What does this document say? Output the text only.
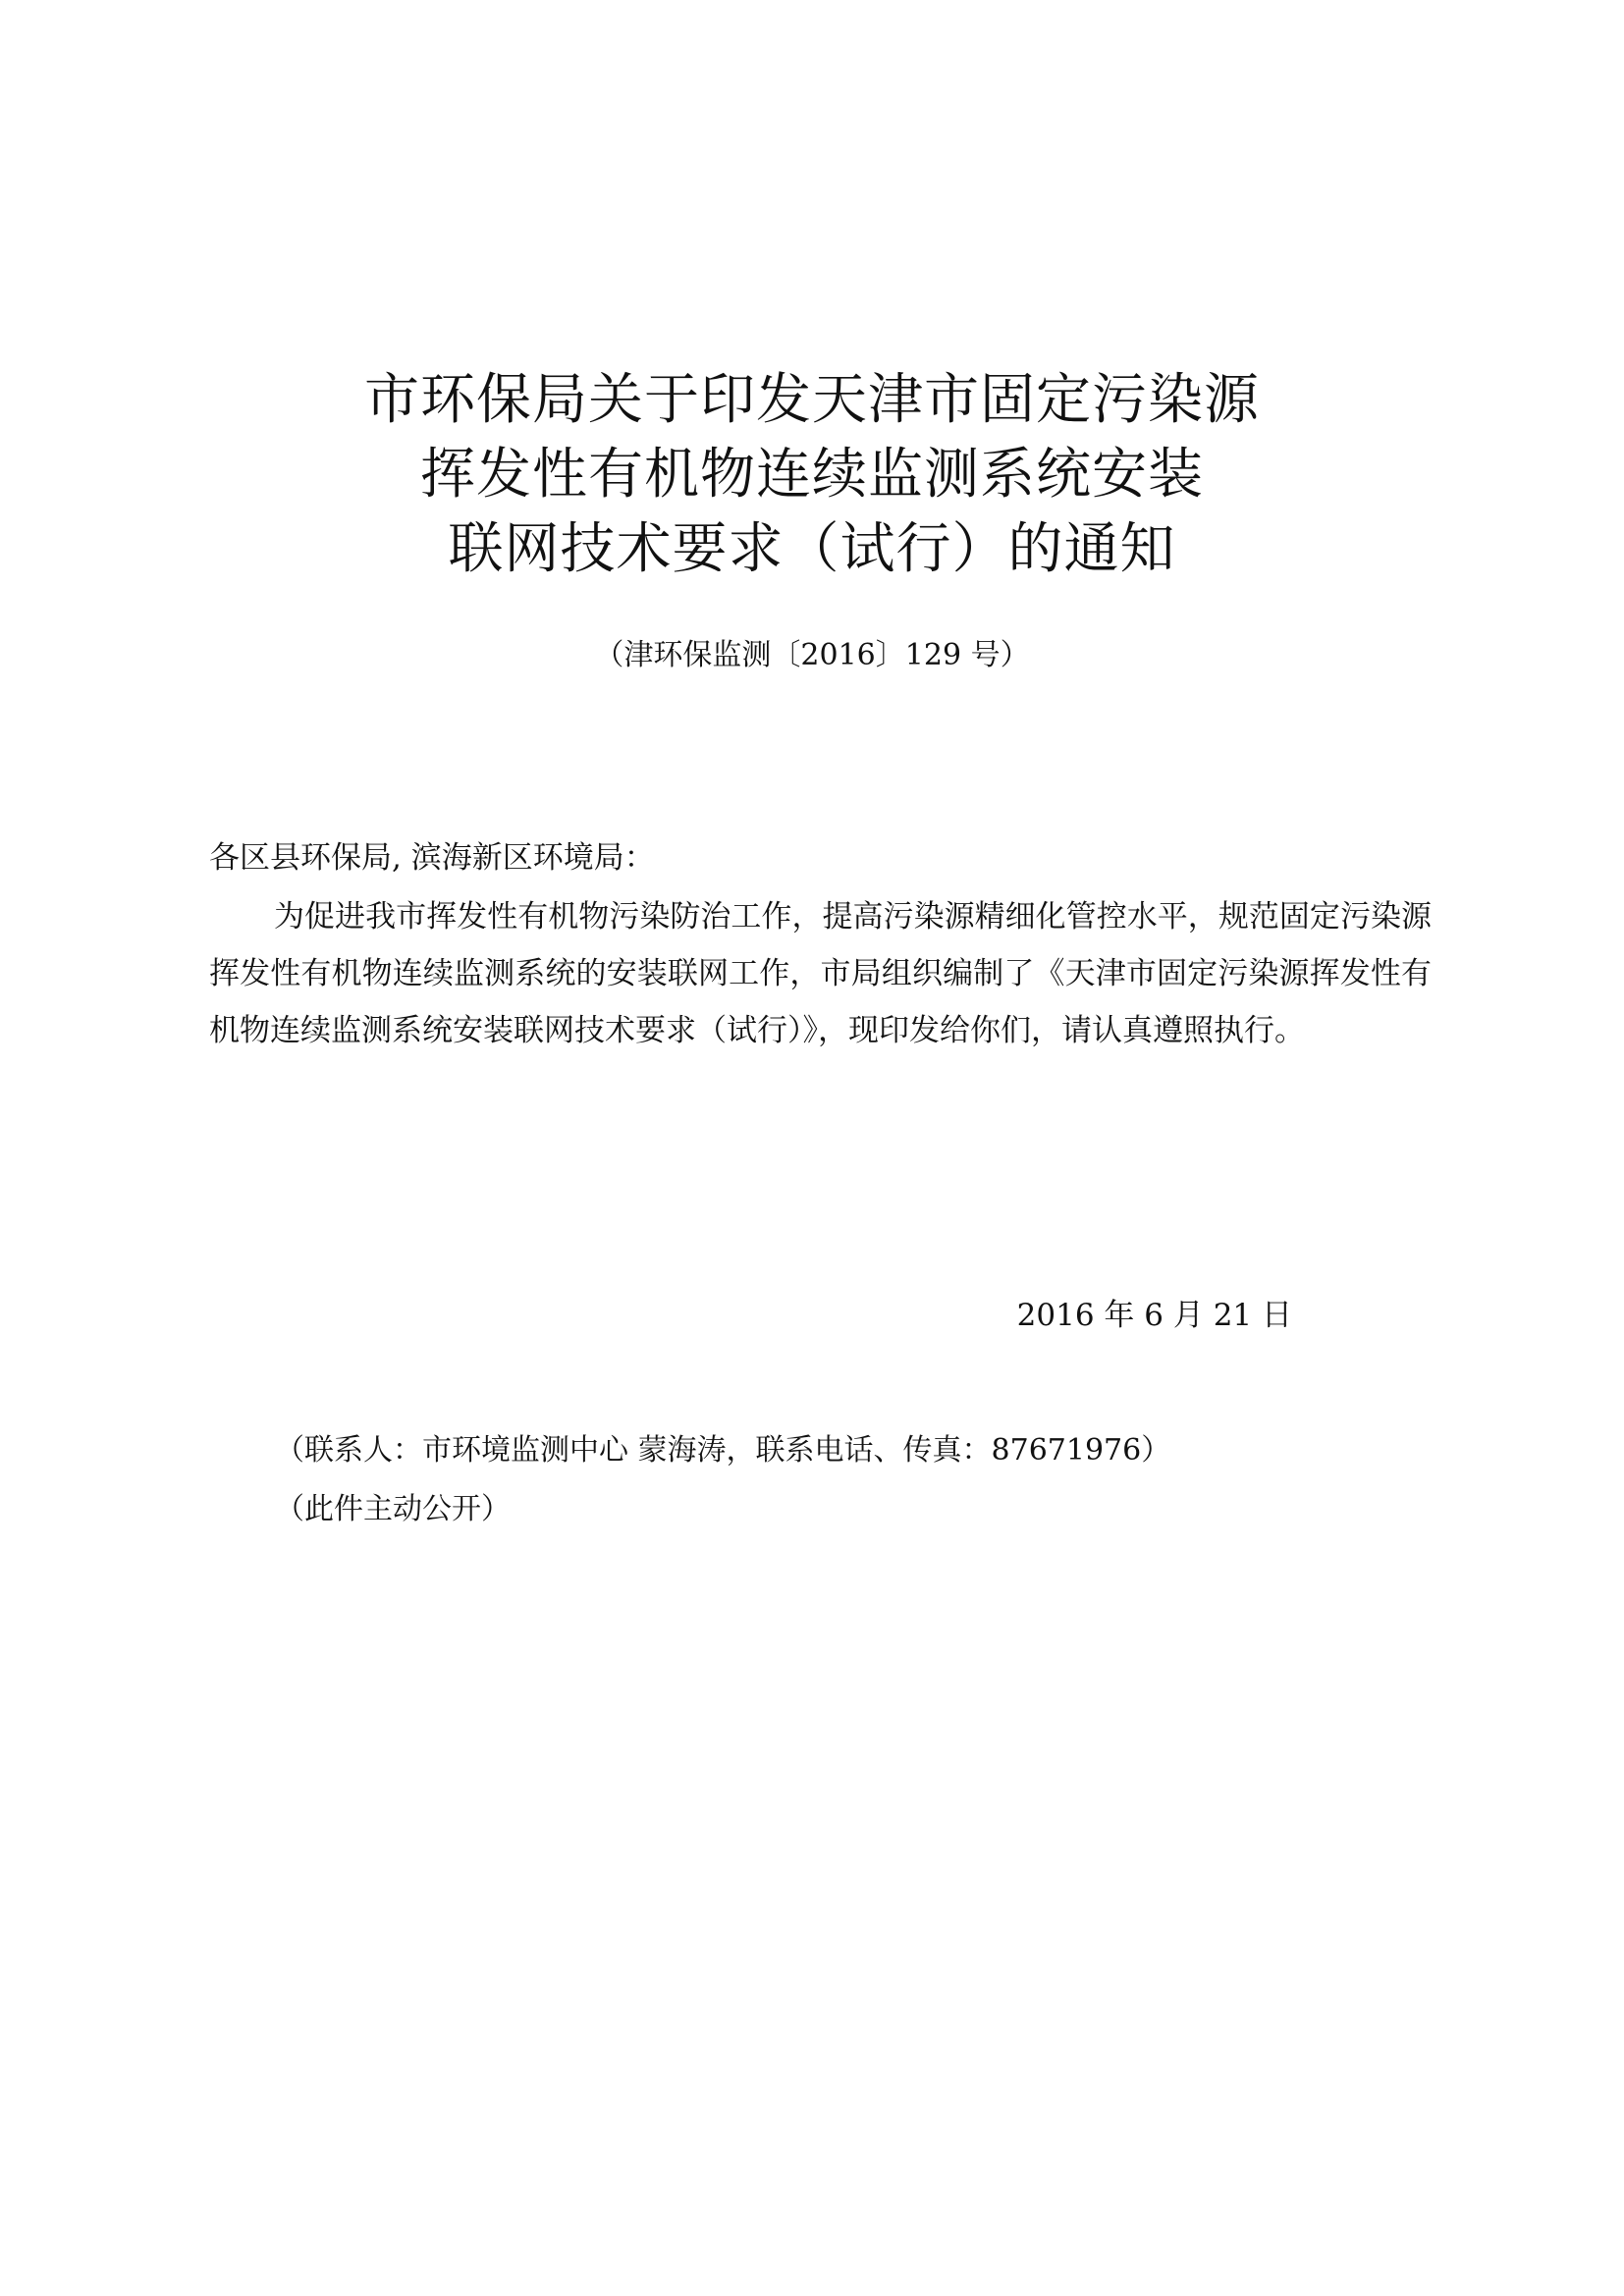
市环保局关于印发天津市固定污染源
挥发性有机物连续监测系统安装
联网技术要求（试行）的通知
（津环保监测〔2016〕129 号）
各区县环保局, 滨海新区环境局：
为促进我市挥发性有机物污染防治工作，提高污染源精细化管控水平，规范固定污染源挥发性有机物连续监测系统的安装联网工作，市局组织编制了《天津市固定污染源挥发性有机物连续监测系统安装联网技术要求（试行）》，现印发给你们，请认真遵照执行。
2016 年 6 月 21 日
（联系人：市环境监测中心 蒙海涛，联系电话、传真：87671976）
（此件主动公开）
